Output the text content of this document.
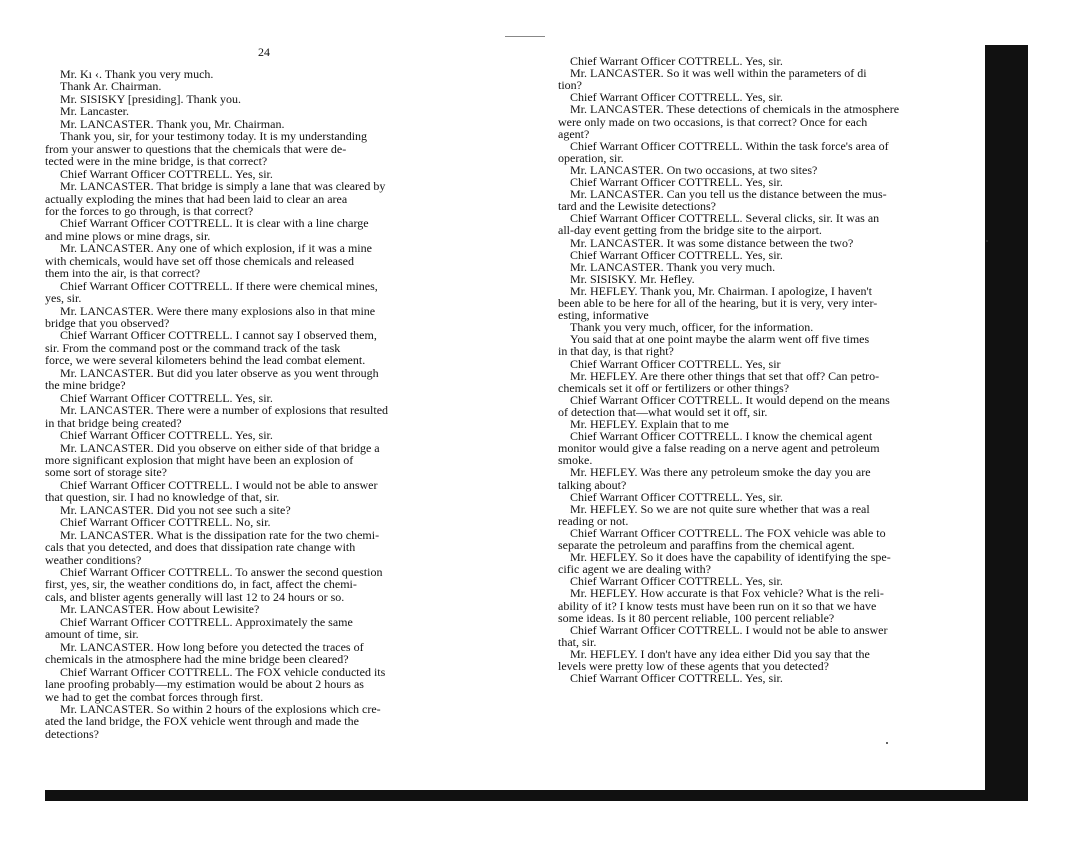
24
Mr. Kı ‹. Thank you very much.
Thank Ar. Chairman.
Mr. SISISKY [presiding]. Thank you.
Mr. Lancaster.
Mr. LANCASTER. Thank you, Mr. Chairman.
Thank you, sir, for your testimony today. It is my understanding
from your answer to questions that the chemicals that were de-
tected were in the mine bridge, is that correct?
Chief Warrant Officer COTTRELL. Yes, sir.
Mr. LANCASTER. That bridge is simply a lane that was cleared by
actually exploding the mines that had been laid to clear an area
for the forces to go through, is that correct?
Chief Warrant Officer COTTRELL. It is clear with a line charge
and mine plows or mine drags, sir.
Mr. LANCASTER. Any one of which explosion, if it was a mine
with chemicals, would have set off those chemicals and released
them into the air, is that correct?
Chief Warrant Officer COTTRELL. If there were chemical mines,
yes, sir.
Mr. LANCASTER. Were there many explosions also in that mine
bridge that you observed?
Chief Warrant Officer COTTRELL. I cannot say I observed them,
sir. From the command post or the command track of the task
force, we were several kilometers behind the lead combat element.
Mr. LANCASTER. But did you later observe as you went through
the mine bridge?
Chief Warrant Officer COTTRELL. Yes, sir.
Mr. LANCASTER. There were a number of explosions that resulted
in that bridge being created?
Chief Warrant Officer COTTRELL. Yes, sir.
Mr. LANCASTER. Did you observe on either side of that bridge a
more significant explosion that might have been an explosion of
some sort of storage site?
Chief Warrant Officer COTTRELL. I would not be able to answer
that question, sir. I had no knowledge of that, sir.
Mr. LANCASTER. Did you not see such a site?
Chief Warrant Officer COTTRELL. No, sir.
Mr. LANCASTER. What is the dissipation rate for the two chemi-
cals that you detected, and does that dissipation rate change with
weather conditions?
Chief Warrant Officer COTTRELL. To answer the second question
first, yes, sir, the weather conditions do, in fact, affect the chemi-
cals, and blister agents generally will last 12 to 24 hours or so.
Mr. LANCASTER. How about Lewisite?
Chief Warrant Officer COTTRELL. Approximately the same
amount of time, sir.
Mr. LANCASTER. How long before you detected the traces of
chemicals in the atmosphere had the mine bridge been cleared?
Chief Warrant Officer COTTRELL. The FOX vehicle conducted its
lane proofing probably—my estimation would be about 2 hours as
we had to get the combat forces through first.
Mr. LANCASTER. So within 2 hours of the explosions which cre-
ated the land bridge, the FOX vehicle went through and made the
detections?
Chief Warrant Officer COTTRELL. Yes, sir.
Mr. LANCASTER. So it was well within the parameters of di
tion?
Chief Warrant Officer COTTRELL. Yes, sir.
Mr. LANCASTER. These detections of chemicals in the atmosphere
were only made on two occasions, is that correct? Once for each
agent?
Chief Warrant Officer COTTRELL. Within the task force's area of
operation, sir.
Mr. LANCASTER. On two occasions, at two sites?
Chief Warrant Officer COTTRELL. Yes, sir.
Mr. LANCASTER. Can you tell us the distance between the mus-
tard and the Lewisite detections?
Chief Warrant Officer COTTRELL. Several clicks, sir. It was an
all-day event getting from the bridge site to the airport.
Mr. LANCASTER. It was some distance between the two?
Chief Warrant Officer COTTRELL. Yes, sir.
Mr. LANCASTER. Thank you very much.
Mr. SISISKY. Mr. Hefley.
Mr. HEFLEY. Thank you, Mr. Chairman. I apologize, I haven't
been able to be here for all of the hearing, but it is very, very inter-
esting, informative
Thank you very much, officer, for the information.
You said that at one point maybe the alarm went off five times
in that day, is that right?
Chief Warrant Officer COTTRELL. Yes, sir
Mr. HEFLEY. Are there other things that set that off? Can petro-
chemicals set it off or fertilizers or other things?
Chief Warrant Officer COTTRELL. It would depend on the means
of detection that—what would set it off, sir.
Mr. HEFLEY. Explain that to me
Chief Warrant Officer COTTRELL. I know the chemical agent
monitor would give a false reading on a nerve agent and petroleum
smoke.
Mr. HEFLEY. Was there any petroleum smoke the day you are
talking about?
Chief Warrant Officer COTTRELL. Yes, sir.
Mr. HEFLEY. So we are not quite sure whether that was a real
reading or not.
Chief Warrant Officer COTTRELL. The FOX vehicle was able to
separate the petroleum and paraffins from the chemical agent.
Mr. HEFLEY. So it does have the capability of identifying the spe-
cific agent we are dealing with?
Chief Warrant Officer COTTRELL. Yes, sir.
Mr. HEFLEY. How accurate is that Fox vehicle? What is the reli-
ability of it? I know tests must have been run on it so that we have
some ideas. Is it 80 percent reliable, 100 percent reliable?
Chief Warrant Officer COTTRELL. I would not be able to answer
that, sir.
Mr. HEFLEY. I don't have any idea either Did you say that the
levels were pretty low of these agents that you detected?
Chief Warrant Officer COTTRELL. Yes, sir.
